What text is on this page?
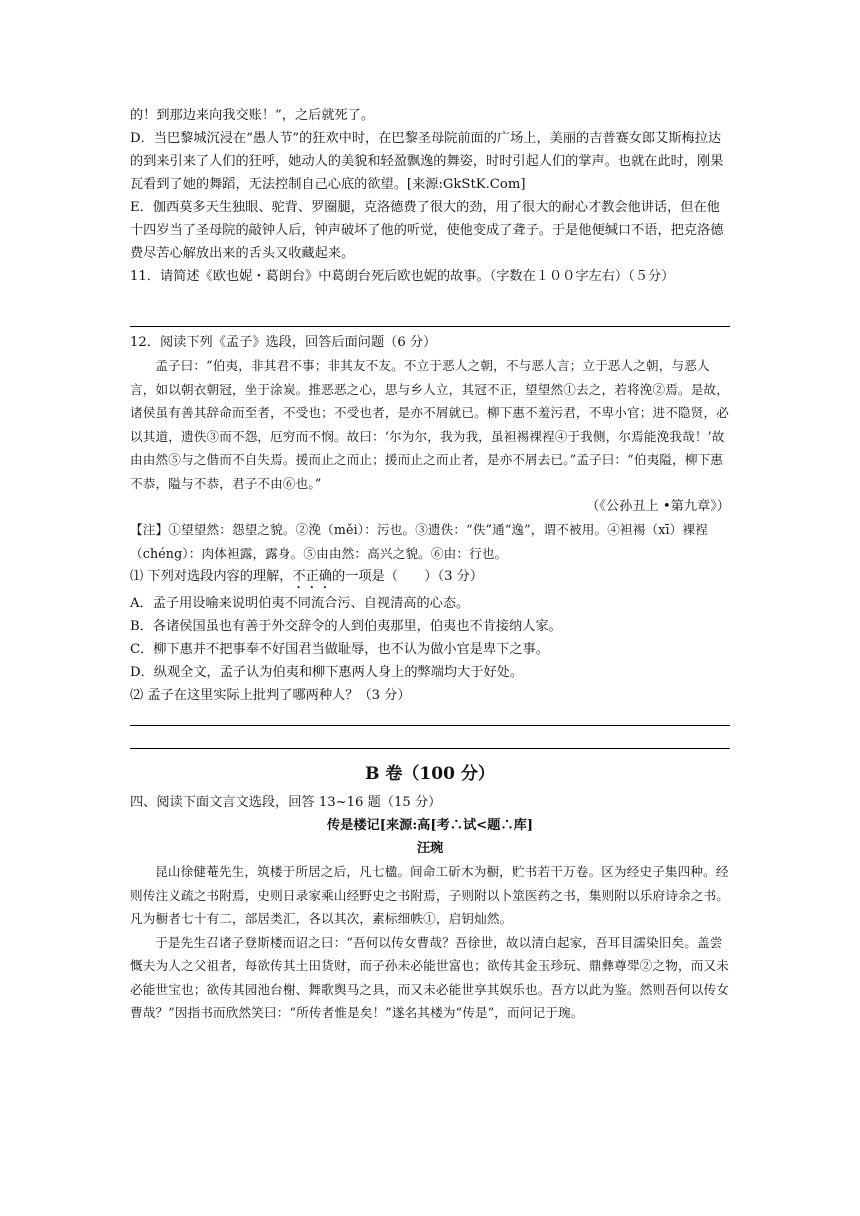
的！到那边来向我交账！”，之后就死了。

D．当巴黎城沉浸在“愚人节”的狂欢中时，在巴黎圣母院前面的广场上，美丽的吉普赛女郎艾斯梅拉达的到来引来了人们的狂呼，她动人的美貌和轻盈飘逸的舞姿，时时引起人们的掌声。也就在此时，刚果瓦看到了她的舞蹈，无法控制自己心底的欲望。[来源:GkStK.Com]

E．伽西莫多天生独眼、驼背、罗圈腿，克洛德费了很大的劲，用了很大的耐心才教会他讲话，但在他十四岁当了圣母院的敲钟人后，钟声破坏了他的听觉，使他变成了聋子。于是他便缄口不语，把克洛德费尽苦心解放出来的舌头又收藏起来。

11．请简述《欧也妮・葛朗台》中葛朗台死后欧也妮的故事。（字数在１００字左右）（５分）

12．阅读下列《孟子》选段，回答后面问题（6 分）

孟子曰：“伯夷，非其君不事；非其友不友。不立于恶人之朝，不与恶人言；立于恶人之朝，与恶人言，如以朝衣朝冠，坐于涂炭。推恶恶之心，思与乡人立，其冠不正，望望然①去之，若将浼②焉。是故，诸侯虽有善其辞命而至者，不受也；不受也者，是亦不屑就已。柳下惠不羞污君，不卑小官；进不隐贤，必以其道，遗佚③而不怨，厄穷而不悯。故曰：‘尔为尔，我为我，虽袒裼裸裎④于我侧，尔焉能浼我哉！’故由由然⑤与之偕而不自失焉。援而止之而止；援而止之而止者，是亦不屑去已。”孟子曰：“伯夷隘，柳下惠不恭，隘与不恭，君子不由⑥也。”

（《公孙丑上 •第九章》）

【注】①望望然：怨望之貌。②浼（měi）：污也。③遗佚：“佚”通“逸”，谓不被用。④袒裼（xī）裸裎（chéng）：肉体袒露，露身。⑤由由然：高兴之貌。⑥由：行也。

⑴ 下列对选段内容的理解，不正确的一项是（　　）（3 分）

A．孟子用设喻来说明伯夷不同流合污、自视清高的心态。

B．各诸侯国虽也有善于外交辞令的人到伯夷那里，伯夷也不肯接纳人家。

C．柳下惠并不把事奉不好国君当做耻辱，也不认为做小官是卑下之事。

D．纵观全文，孟子认为伯夷和柳下惠两人身上的弊端均大于好处。

⑵ 孟子在这里实际上批判了哪两种人？（3 分）

B 卷（100 分）

四、阅读下面文言文选段，回答 13~16 题（15 分）

传是楼记[来源:高[考∴试<题∴库]

汪琬

昆山徐健菴先生，筑楼于所居之后，凡七楹。间命工斫木为橱，贮书若干万卷。区为经史子集四种。经则传注义疏之书附焉，史则日录家乘山经野史之书附焉，子则附以卜筮医药之书，集则附以乐府诗余之书。凡为橱者七十有二，部居类汇，各以其次，素标细帙①，启钥灿然。

于是先生召诸子登斯楼而诏之曰：“吾何以传女曹哉？吾徐世，故以清白起家，吾耳目濡染旧矣。盖尝慨夫为人之父祖者，每欲传其土田货财，而子孙未必能世富也；欲传其金玉珍玩、鼎彝尊斝②之物，而又未必能世宝也；欲传其园池台榭、舞歌舆马之具，而又未必能世享其娱乐也。吾方以此为鉴。然则吾何以传女曹哉？”因指书而欣然笑曰：“所传者惟是矣！”遂名其楼为“传是”，而问记于琬。
